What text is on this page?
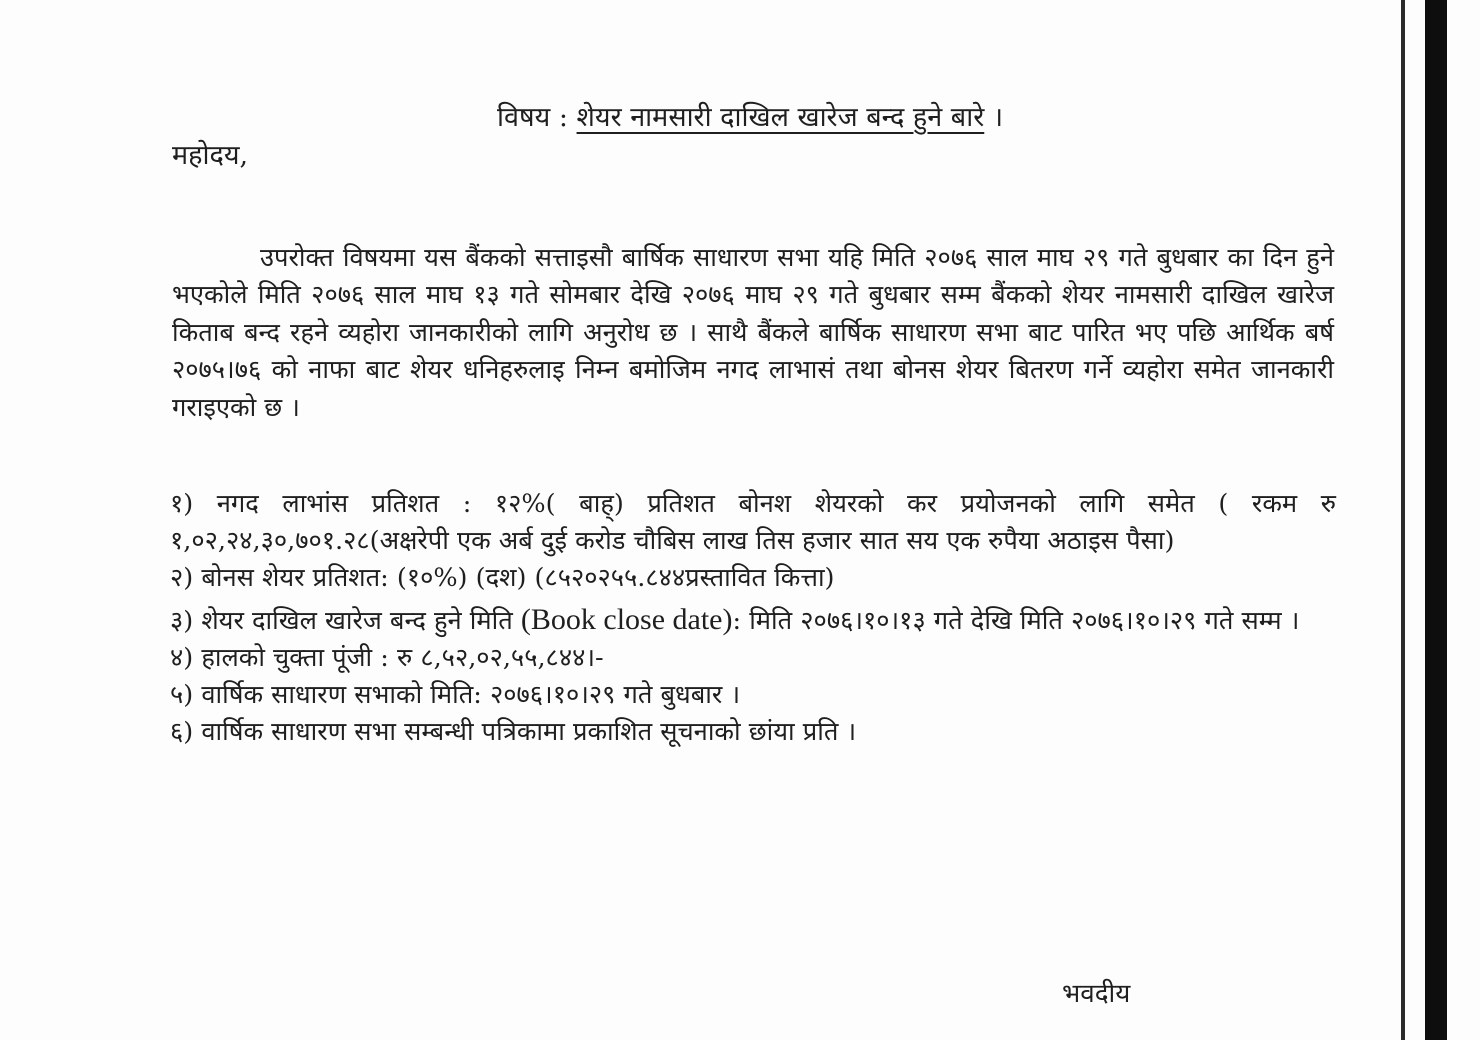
विषय : शेयर नामसारी दाखिल खारेज बन्द हुने बारे ।
महोदय,

उपरोक्त विषयमा यस बैंकको सत्ताइसौ बार्षिक साधारण सभा यहि मिति २०७६ साल माघ २९ गते बुधबार का दिन हुने भएकोले मिति २०७६ साल माघ १३ गते सोमबार देखि २०७६ माघ २९ गते बुधबार सम्म बैंकको शेयर नामसारी दाखिल खारेज किताब बन्द रहने व्यहोरा जानकारीको लागि अनुरोध छ । साथै बैंकले बार्षिक साधारण सभा बाट पारित भए पछि आर्थिक बर्ष २०७५।७६ को नाफा बाट शेयर धनिहरुलाइ निम्न बमोजिम नगद लाभासं तथा बोनस शेयर बितरण गर्ने व्यहोरा समेत जानकारी गराइएको छ ।

१) नगद लाभांस प्रतिशत : १२%( बाह्) प्रतिशत बोनश शेयरको कर प्रयोजनको लागि समेत ( रकम रु १,०२,२४,३०,७०१.२८(अक्षरेपी एक अर्ब दुई करोड चौबिस लाख तिस हजार सात सय एक रुपैया अठाइस पैसा)

२) बोनस शेयर प्रतिशत: (१०%) (दश) (८५२०२५५.८४४प्रस्तावित कित्ता)

३) शेयर दाखिल खारेज बन्द हुने मिति (Book close date): मिति २०७६।१०।१३ गते देखि मिति २०७६।१०।२९ गते सम्म ।

४) हालको चुक्ता पूंजी : रु ८,५२,०२,५५,८४४।-

५) वार्षिक साधारण सभाको मिति: २०७६।१०।२९ गते बुधबार ।

६) वार्षिक साधारण सभा सम्बन्धी पत्रिकामा प्रकाशित सूचनाको छांया प्रति ।

भवदीय
